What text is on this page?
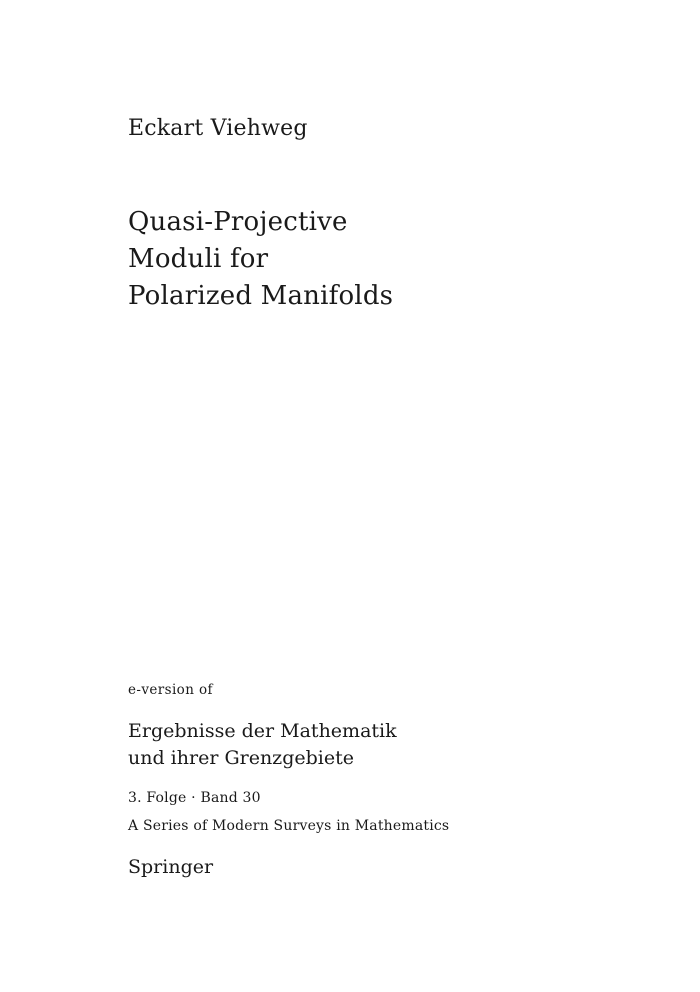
Eckart Viehweg
Quasi-Projective
Moduli for
Polarized Manifolds
e-version of
Ergebnisse der Mathematik
und ihrer Grenzgebiete
3. Folge · Band 30
A Series of Modern Surveys in Mathematics
Springer
